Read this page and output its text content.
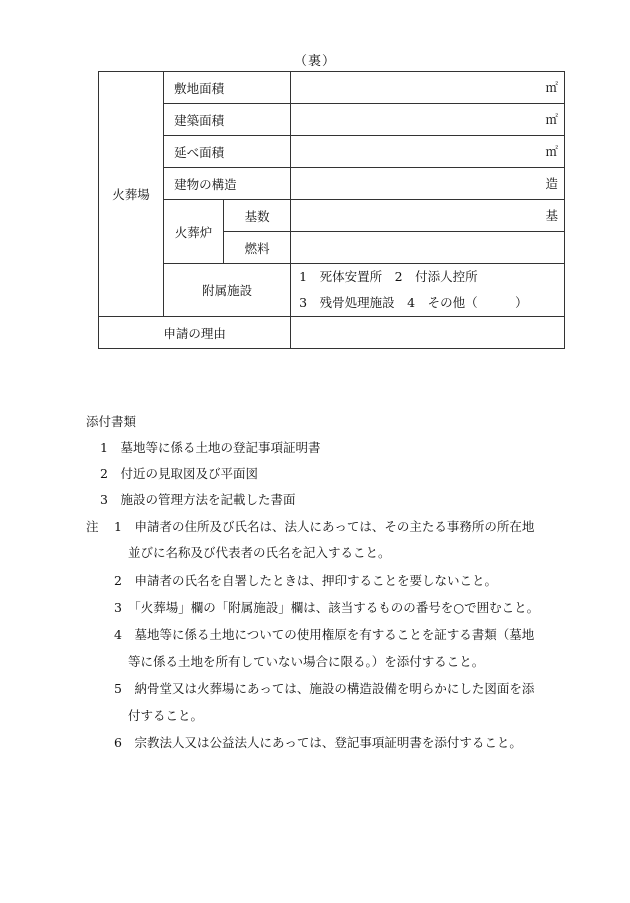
（裏）
火葬場	敷地面積		㎡
	建築面積		㎡
	延べ面積		㎡
	建物の構造		造
	火葬炉	基数	基
		燃料	
	附属施設		1　死体安置所　2　付添人控所
3　残骨処理施設　4　その他（　　　）

申請の理由			
添付書類
1　墓地等に係る土地の登記事項証明書
2　付近の見取図及び平面図
3　施設の管理方法を記載した書面
注 1　申請者の住所及び氏名は、法人にあっては、その主たる事務所の所在地
並びに名称及び代表者の氏名を記入すること。
2　申請者の氏名を自署したときは、押印することを要しないこと。
3　「火葬場」欄の「附属施設」欄は、該当するものの番号を○で囲むこと。
4　墓地等に係る土地についての使用権原を有することを証する書類（墓地
等に係る土地を所有していない場合に限る。）を添付すること。
5　納骨堂又は火葬場にあっては、施設の構造設備を明らかにした図面を添
付すること。
6　宗教法人又は公益法人にあっては、登記事項証明書を添付すること。
